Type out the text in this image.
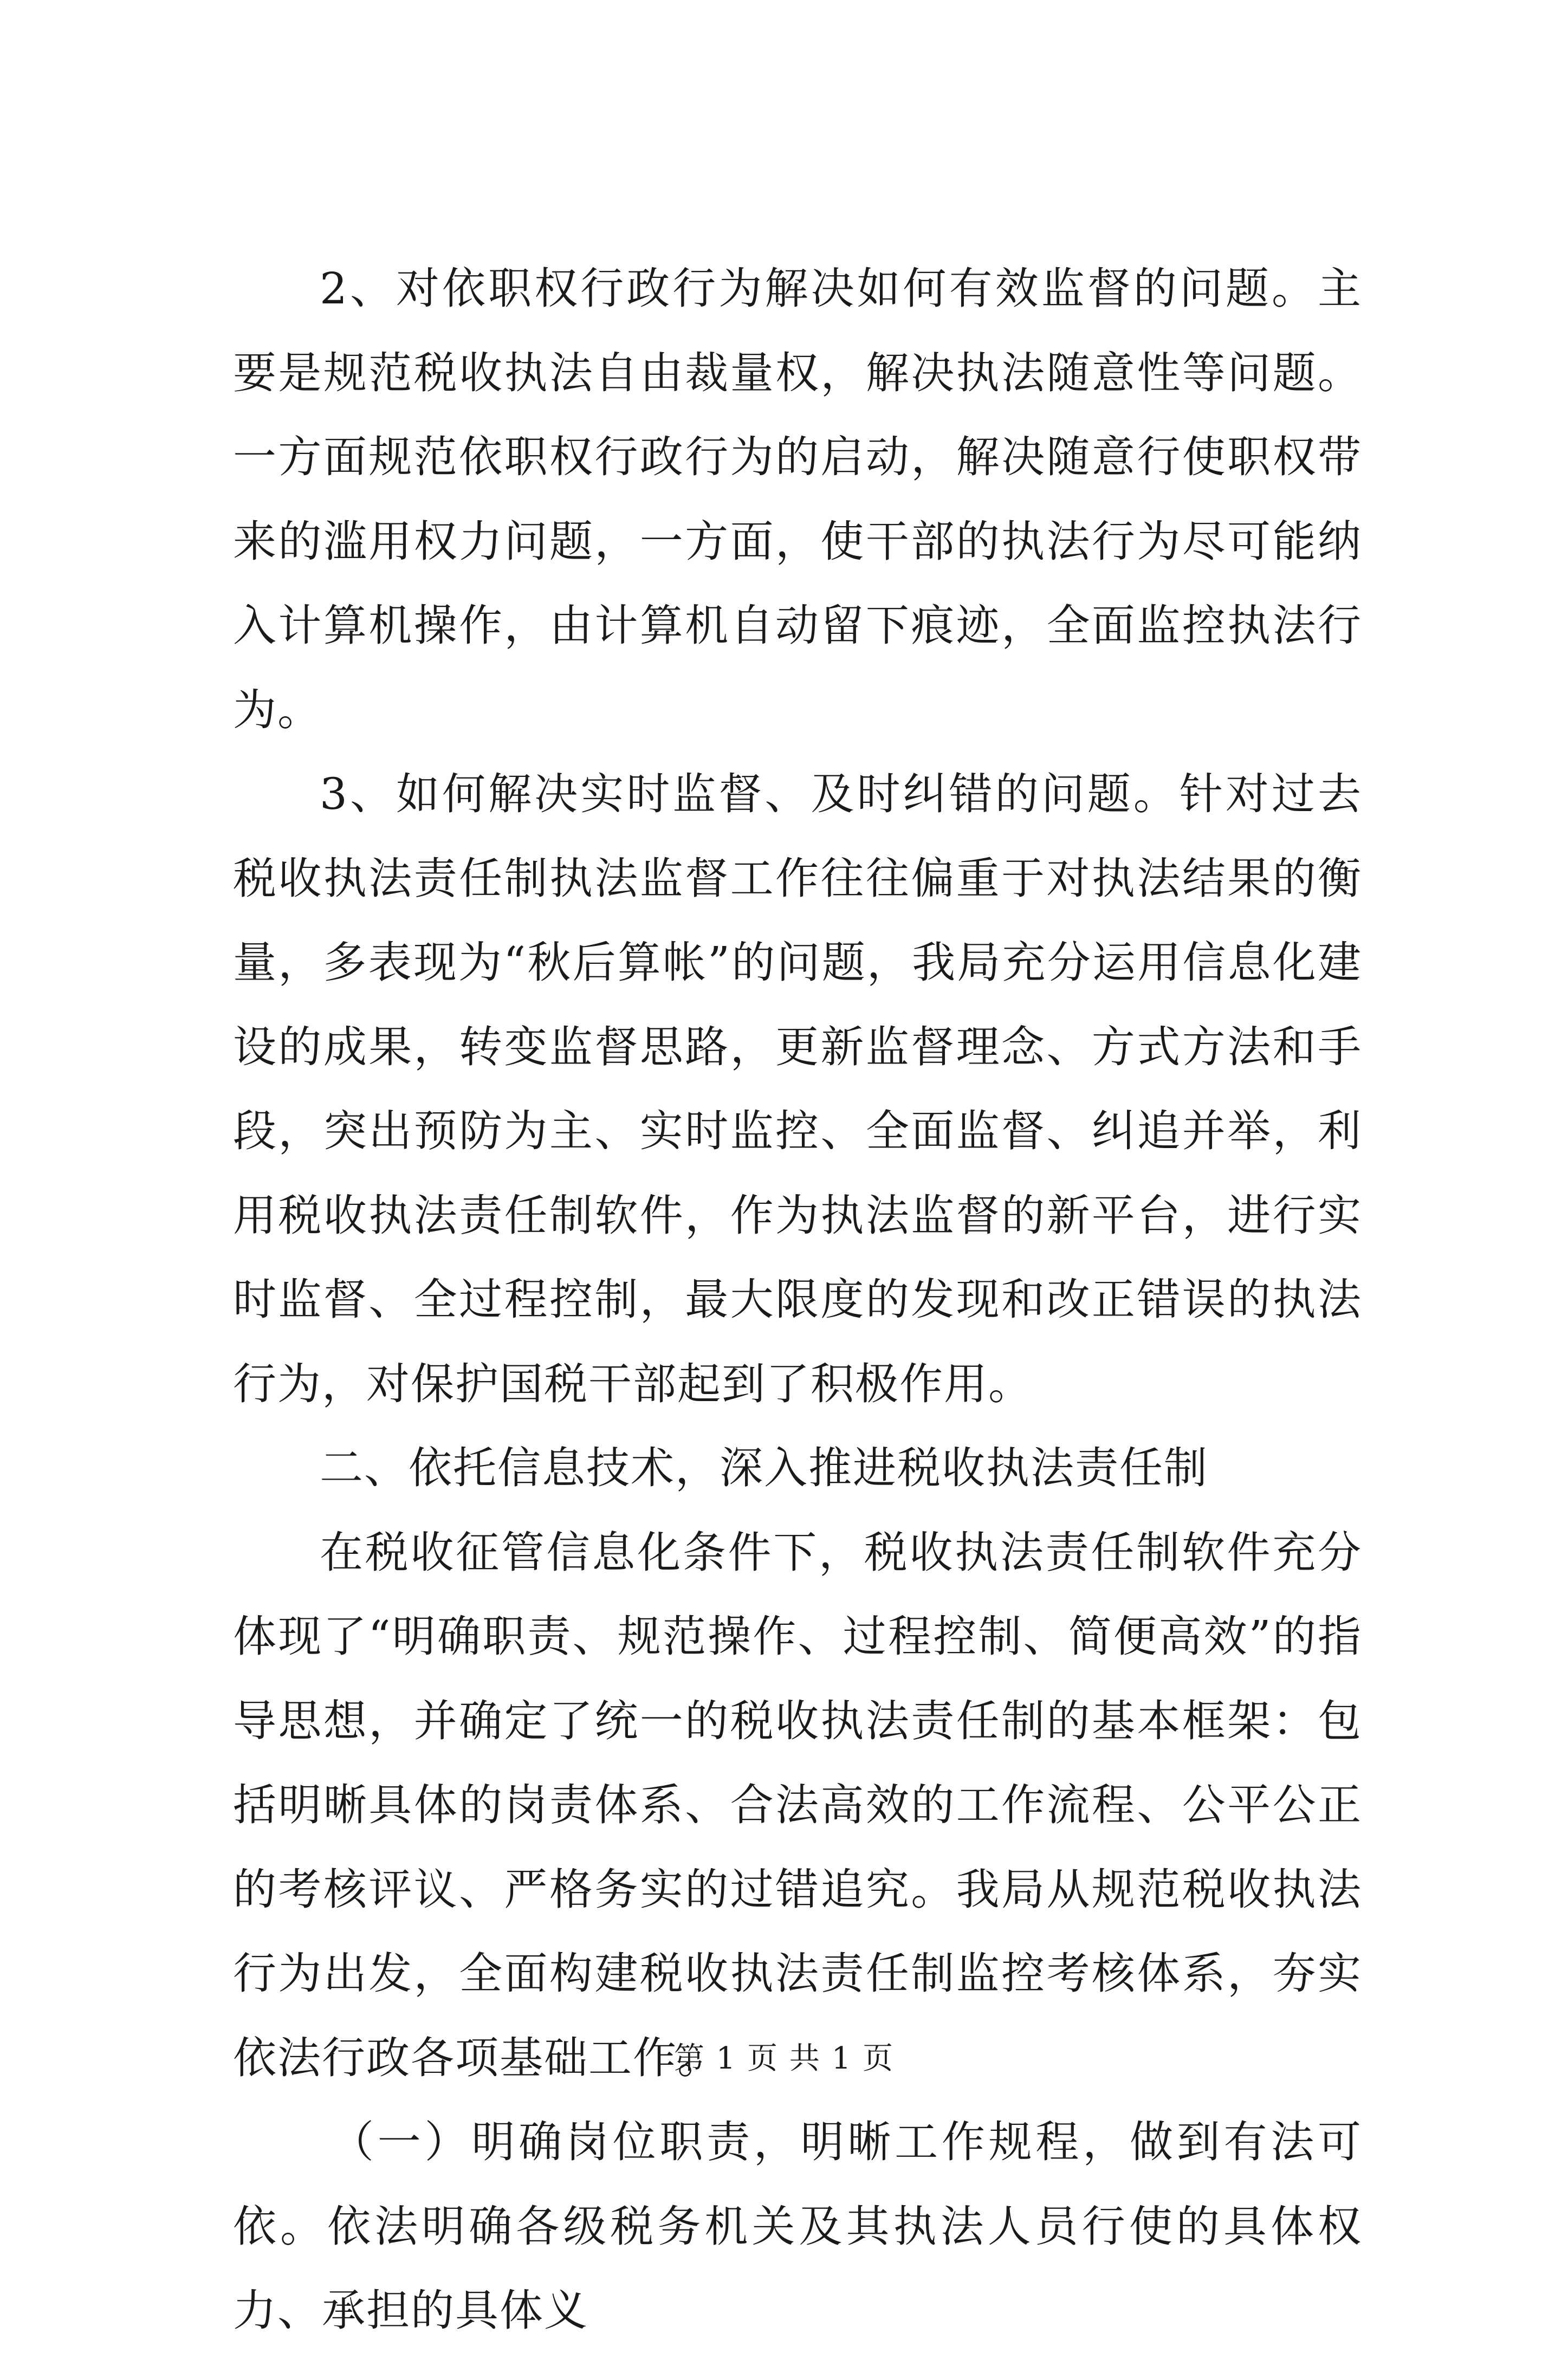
2、对依职权行政行为解决如何有效监督的问题。主要是规范税收执法自由裁量权，解决执法随意性等问题。一方面规范依职权行政行为的启动，解决随意行使职权带来的滥用权力问题，一方面，使干部的执法行为尽可能纳入计算机操作，由计算机自动留下痕迹，全面监控执法行为。

3、如何解决实时监督、及时纠错的问题。针对过去税收执法责任制执法监督工作往往偏重于对执法结果的衡量，多表现为“秋后算帐”的问题，我局充分运用信息化建设的成果，转变监督思路，更新监督理念、方式方法和手段，突出预防为主、实时监控、全面监督、纠追并举，利用税收执法责任制软件，作为执法监督的新平台，进行实时监督、全过程控制，最大限度的发现和改正错误的执法行为，对保护国税干部起到了积极作用。

二、依托信息技术，深入推进税收执法责任制

在税收征管信息化条件下，税收执法责任制软件充分体现了“明确职责、规范操作、过程控制、简便高效”的指导思想，并确定了统一的税收执法责任制的基本框架：包括明晰具体的岗责体系、合法高效的工作流程、公平公正的考核评议、严格务实的过错追究。我局从规范税收执法行为出发，全面构建税收执法责任制监控考核体系，夯实依法行政各项基础工作。

（一）明确岗位职责，明晰工作规程，做到有法可依。依法明确各级税务机关及其执法人员行使的具体权力、承担的具体义

第 1 页 共 1 页
